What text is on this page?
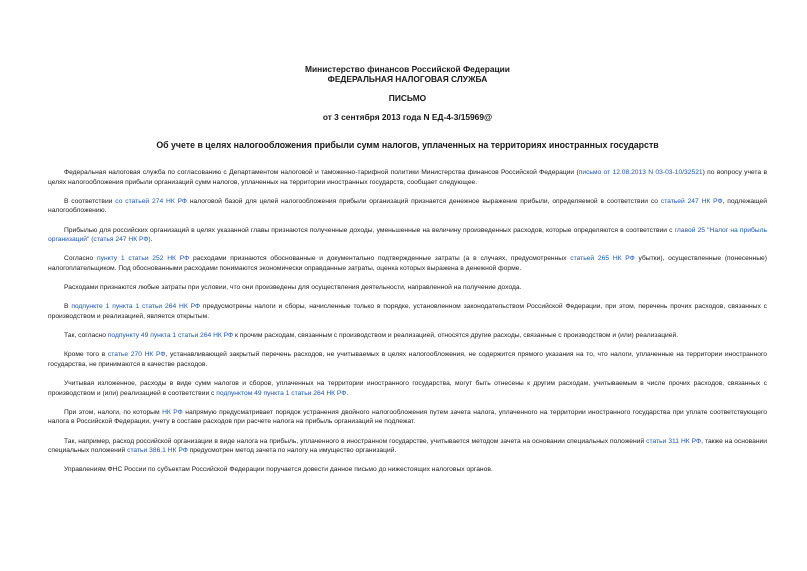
Министерство финансов Российской Федерации
ФЕДЕРАЛЬНАЯ НАЛОГОВАЯ СЛУЖБА
ПИСЬМО
от 3 сентября 2013 года N ЕД-4-3/15969@
Об учете в целях налогообложения прибыли сумм налогов, уплаченных на территориях иностранных государств

Федеральная налоговая служба по согласованию с Департаментом налоговой и таможенно-тарифной политики Министерства финансов Российской Федерации (письмо от 12.08.2013 N 03-03-10/32521) по вопросу учета в целях налогообложения прибыли организаций сумм налогов, уплаченных на территории иностранных государств, сообщает следующее.

В соответствии со статьей 274 НК РФ налоговой базой для целей налогообложения прибыли организаций признается денежное выражение прибыли, определяемой в соответствии со статьей 247 НК РФ, подлежащей налогообложению.

Прибылью для российских организаций в целях указанной главы признаются полученные доходы, уменьшенные на величину произведенных расходов, которые определяются в соответствии с главой 25 "Налог на прибыль организаций" (статья 247 НК РФ).

Согласно пункту 1 статьи 252 НК РФ расходами признаются обоснованные и документально подтвержденные затраты (а в случаях, предусмотренных статьей 265 НК РФ убытки), осуществленные (понесенные) налогоплательщиком. Под обоснованными расходами понимаются экономически оправданные затраты, оценка которых выражена в денежной форме.

Расходами признаются любые затраты при условии, что они произведены для осуществления деятельности, направленной на получение дохода.

В подпункте 1 пункта 1 статьи 264 НК РФ предусмотрены налоги и сборы, начисленные только в порядке, установленном законодательством Российской Федерации, при этом, перечень прочих расходов, связанных с производством и реализацией, является открытым.

Так, согласно подпункту 49 пункта 1 статьи 264 НК РФ к прочим расходам, связанным с производством и реализацией, относятся другие расходы, связанные с производством и (или) реализацией.

Кроме того в статье 270 НК РФ, устанавливающей закрытый перечень расходов, не учитываемых в целях налогообложения, не содержится прямого указания на то, что налоги, уплаченные на территории иностранного государства, не принимаются в качестве расходов.

Учитывая изложенное, расходы в виде сумм налогов и сборов, уплаченных на территории иностранного государства, могут быть отнесены к другим расходам, учитываемым в числе прочих расходов, связанных с производством и (или) реализацией в соответствии с подпунктом 49 пункта 1 статьи 264 НК РФ.

При этом, налоги, по которым НК РФ напрямую предусматривает порядок устранения двойного налогообложения путем зачета налога, уплаченного на территории иностранного государства при уплате соответствующего налога в Российской Федерации, учету в составе расходов при расчете налога на прибыль организаций не подлежат.

Так, например, расход российской организации в виде налога на прибыль, уплаченного в иностранном государстве, учитывается методом зачета на основании специальных положений статьи 311 НК РФ, также на основании специальных положений статьи 386.1 НК РФ предусмотрен метод зачета по налогу на имущество организаций.

Управлениям ФНС России по субъектам Российской Федерации поручается довести данное письмо до нижестоящих налоговых органов.
